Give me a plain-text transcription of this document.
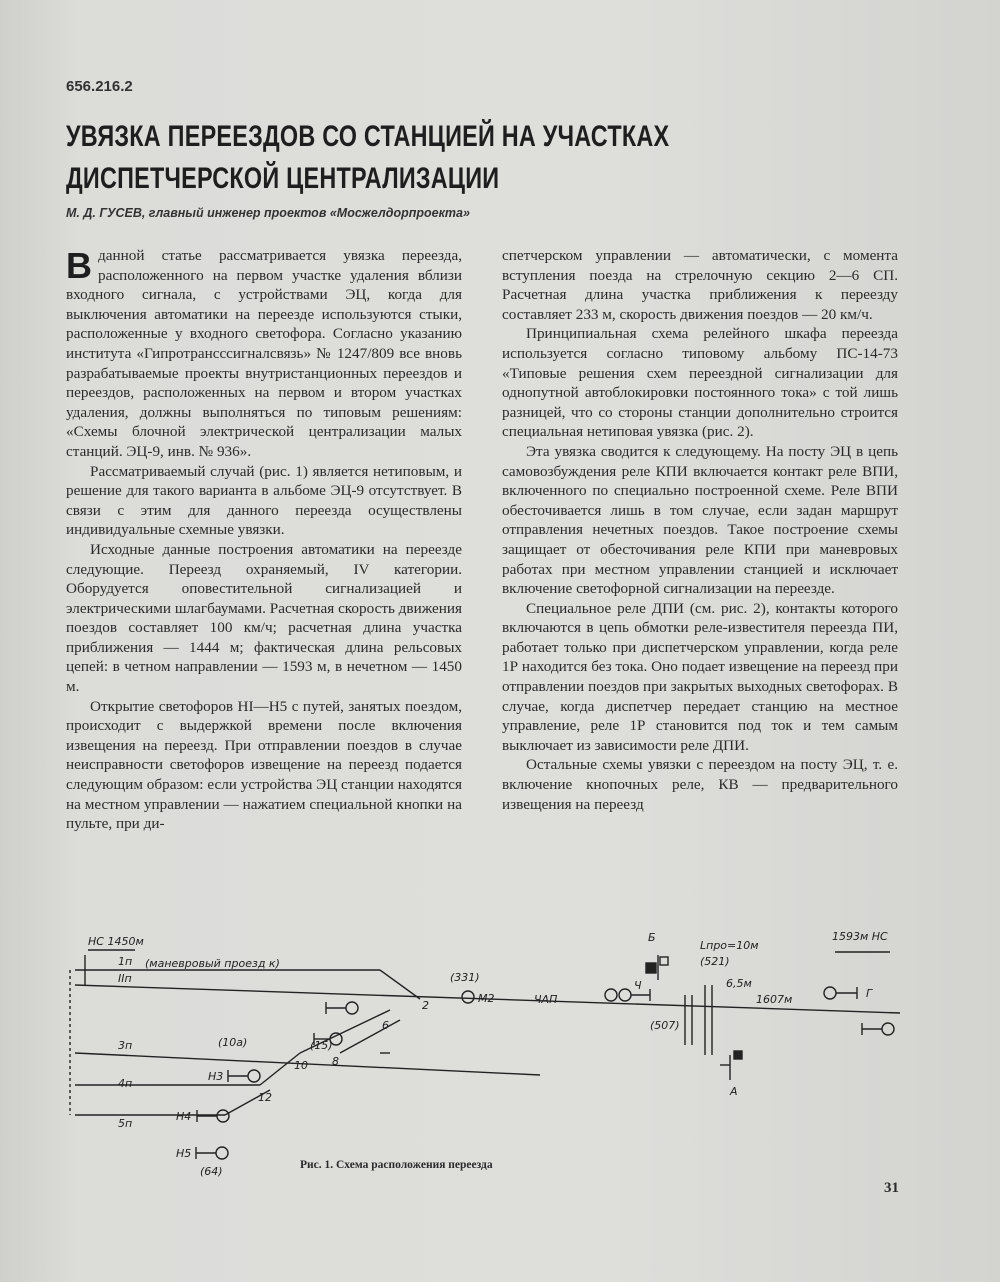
656.216.2
УВЯЗКА ПЕРЕЕЗДОВ СО СТАНЦИЕЙ НА УЧАСТКАХ
ДИСПЕТЧЕРСКОЙ ЦЕНТРАЛИЗАЦИИ
М. Д. ГУСЕВ, главный инженер проектов «Мосжелдорпроекта»

Вданной статье рассматривается увязка переезда, расположенного на первом участке удаления вблизи входного сигнала, с устройствами ЭЦ, когда для выключения автоматики на переезде используются стыки, расположенные у входного светофора. Согласно указанию института «Гипротрансссигналсвязь» № 1247/809 все вновь разрабатываемые проекты внутристанционных переездов и переездов, расположенных на первом и втором участках удаления, должны выполняться по типовым решениям: «Схемы блочной электрической централизации малых станций. ЭЦ-9, инв. № 936».

Рассматриваемый случай (рис. 1) является нетиповым, и решение для такого варианта в альбоме ЭЦ-9 отсутствует. В связи с этим для данного переезда осуществлены индивидуальные схемные увязки.

Исходные данные построения автоматики на переезде следующие. Переезд охраняемый, IV категории. Оборудуется оповестительной сигнализацией и электрическими шлагбаумами. Расчетная скорость движения поездов составляет 100 км/ч; расчетная длина участка приближения — 1444 м; фактическая длина рельсовых цепей: в четном направлении — 1593 м, в нечетном — 1450 м.

Открытие светофоров НI—Н5 с путей, занятых поездом, происходит с выдержкой времени после включения извещения на переезд. При отправлении поездов в случае неисправности светофоров извещение на переезд подается следующим образом: если устройства ЭЦ станции находятся на местном управлении — нажатием специальной кнопки на пульте, при ди-

спетчерском управлении — автоматически, с момента вступления поезда на стрелочную секцию 2—6 СП. Расчетная длина участка приближения к переезду составляет 233 м, скорость движения поездов — 20 км/ч.

Принципиальная схема релейного шкафа переезда используется согласно типовому альбому ПС-14-73 «Типовые решения схем переездной сигнализации для однопутной автоблокировки постоянного тока» с той лишь разницей, что со стороны станции дополнительно строится специальная нетиповая увязка (рис. 2).

Эта увязка сводится к следующему. На посту ЭЦ в цепь самовозбуждения реле КПИ включается контакт реле ВПИ, включенного по специально построенной схеме. Реле ВПИ обесточивается лишь в том случае, если задан маршрут отправления нечетных поездов. Такое построение схемы защищает от обесточивания реле КПИ при маневровых работах при местном управлении станцией и исключает включение светофорной сигнализации на переезде.

Специальное реле ДПИ (см. рис. 2), контакты которого включаются в цепь обмотки реле-извеcтителя переезда ПИ, работает только при диспетчерском управлении, когда реле 1Р находится без тока. Оно подает извещение на переезд при отправлении поездов при закрытых выходных светофорах. В случае, когда диспетчер передает станцию на местное управление, реле 1Р становится под ток и тем самым выключает из зависимости реле ДПИ.

Остальные схемы увязки с переездом на посту ЭЦ, т. е. включение кнопочных реле, КВ — предварительного извещения на переезд

НС 1450м
(маневровый прoезд к)
1п
IIп
3п
4п
5п
(331)
М2	ЧАП
2
6
8
10
12
(10а)	(15)
(64)
Н3
Н4
Н5
Б
А
Lпро=10м
(521)
(507)
6,5м
1607м
Ч
Г
1593м НС
Рис. 1. Схема расположения переезда
31
